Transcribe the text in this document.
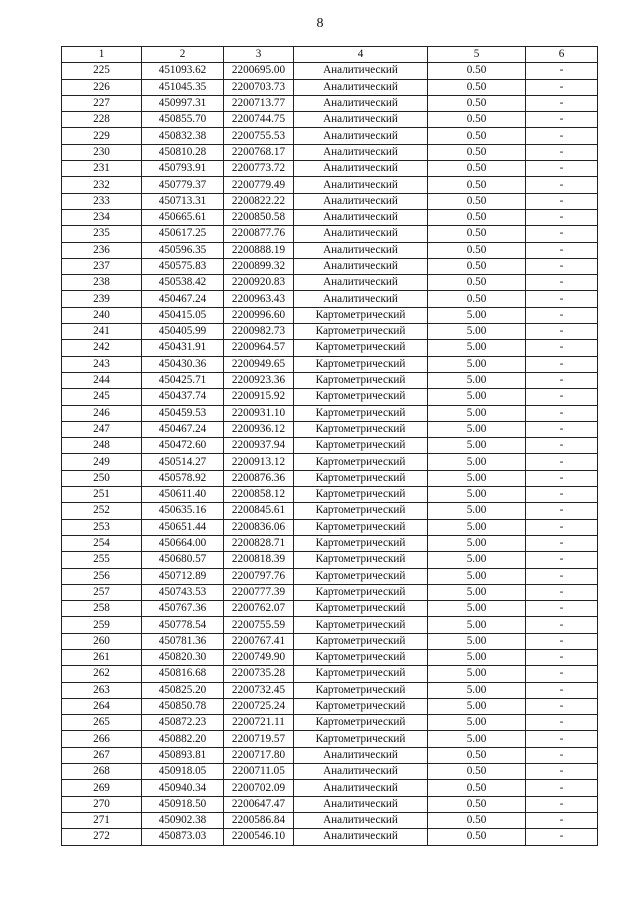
8
1	2	3	4	5	6
225	451093.62	2200695.00	Аналитический	0.50	-
226	451045.35	2200703.73	Аналитический	0.50	-
227	450997.31	2200713.77	Аналитический	0.50	-
228	450855.70	2200744.75	Аналитический	0.50	-
229	450832.38	2200755.53	Аналитический	0.50	-
230	450810.28	2200768.17	Аналитический	0.50	-
231	450793.91	2200773.72	Аналитический	0.50	-
232	450779.37	2200779.49	Аналитический	0.50	-
233	450713.31	2200822.22	Аналитический	0.50	-
234	450665.61	2200850.58	Аналитический	0.50	-
235	450617.25	2200877.76	Аналитический	0.50	-
236	450596.35	2200888.19	Аналитический	0.50	-
237	450575.83	2200899.32	Аналитический	0.50	-
238	450538.42	2200920.83	Аналитический	0.50	-
239	450467.24	2200963.43	Аналитический	0.50	-
240	450415.05	2200996.60	Картометрический	5.00	-
241	450405.99	2200982.73	Картометрический	5.00	-
242	450431.91	2200964.57	Картометрический	5.00	-
243	450430.36	2200949.65	Картометрический	5.00	-
244	450425.71	2200923.36	Картометрический	5.00	-
245	450437.74	2200915.92	Картометрический	5.00	-
246	450459.53	2200931.10	Картометрический	5.00	-
247	450467.24	2200936.12	Картометрический	5.00	-
248	450472.60	2200937.94	Картометрический	5.00	-
249	450514.27	2200913.12	Картометрический	5.00	-
250	450578.92	2200876.36	Картометрический	5.00	-
251	450611.40	2200858.12	Картометрический	5.00	-
252	450635.16	2200845.61	Картометрический	5.00	-
253	450651.44	2200836.06	Картометрический	5.00	-
254	450664.00	2200828.71	Картометрический	5.00	-
255	450680.57	2200818.39	Картометрический	5.00	-
256	450712.89	2200797.76	Картометрический	5.00	-
257	450743.53	2200777.39	Картометрический	5.00	-
258	450767.36	2200762.07	Картометрический	5.00	-
259	450778.54	2200755.59	Картометрический	5.00	-
260	450781.36	2200767.41	Картометрический	5.00	-
261	450820.30	2200749.90	Картометрический	5.00	-
262	450816.68	2200735.28	Картометрический	5.00	-
263	450825.20	2200732.45	Картометрический	5.00	-
264	450850.78	2200725.24	Картометрический	5.00	-
265	450872.23	2200721.11	Картометрический	5.00	-
266	450882.20	2200719.57	Картометрический	5.00	-
267	450893.81	2200717.80	Аналитический	0.50	-
268	450918.05	2200711.05	Аналитический	0.50	-
269	450940.34	2200702.09	Аналитический	0.50	-
270	450918.50	2200647.47	Аналитический	0.50	-
271	450902.38	2200586.84	Аналитический	0.50	-
272	450873.03	2200546.10	Аналитический	0.50	-
